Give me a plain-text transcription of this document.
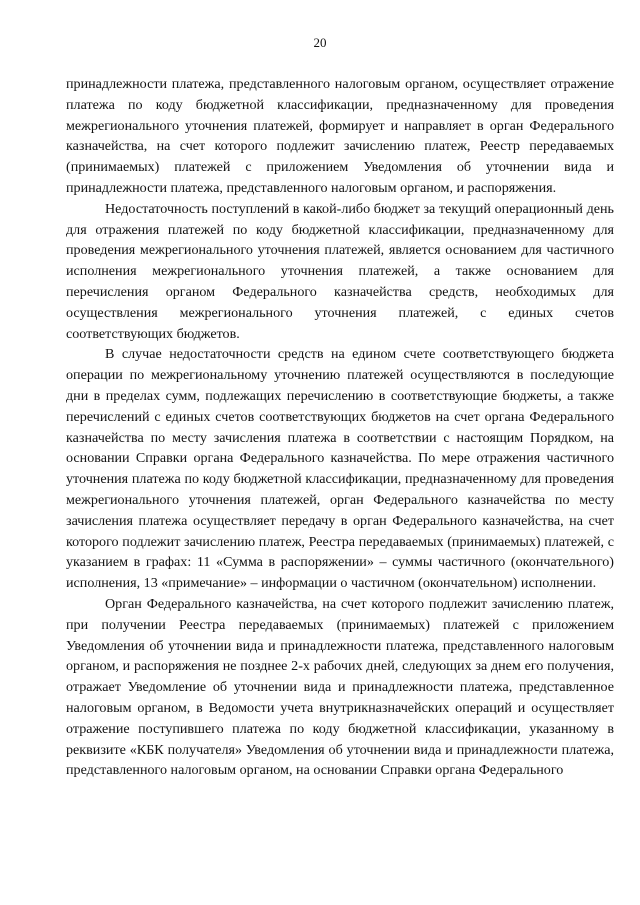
20

принадлежности платежа, представленного налоговым органом, осуществляет отражение платежа по коду бюджетной классификации, предназначенному для проведения межрегионального уточнения платежей, формирует и направляет в орган Федерального казначейства, на счет которого подлежит зачислению платеж, Реестр передаваемых (принимаемых) платежей с приложением Уведомления об уточнении вида и принадлежности платежа, представленного налоговым органом, и распоряжения.

Недостаточность поступлений в какой-либо бюджет за текущий операционный день для отражения платежей по коду бюджетной классификации, предназначенному для проведения межрегионального уточнения платежей, является основанием для частичного исполнения межрегионального уточнения платежей, а также основанием для перечисления органом Федерального казначейства средств, необходимых для осуществления межрегионального уточнения платежей, с единых счетов соответствующих бюджетов.

В случае недостаточности средств на едином счете соответствующего бюджета операции по межрегиональному уточнению платежей осуществляются в последующие дни в пределах сумм, подлежащих перечислению в соответствующие бюджеты, а также перечислений с единых счетов соответствующих бюджетов на счет органа Федерального казначейства по месту зачисления платежа в соответствии с настоящим Порядком, на основании Справки органа Федерального казначейства. По мере отражения частичного уточнения платежа по коду бюджетной классификации, предназначенному для проведения межрегионального уточнения платежей, орган Федерального казначейства по месту зачисления платежа осуществляет передачу в орган Федерального казначейства, на счет которого подлежит зачислению платеж, Реестра передаваемых (принимаемых) платежей, с указанием в графах: 11 «Сумма в распоряжении» – суммы частичного (окончательного) исполнения, 13 «примечание» – информации о частичном (окончательном) исполнении.

Орган Федерального казначейства, на счет которого подлежит зачислению платеж, при получении Реестра передаваемых (принимаемых) платежей с приложением Уведомления об уточнении вида и принадлежности платежа, представленного налоговым органом, и распоряжения не позднее 2-х рабочих дней, следующих за днем его получения, отражает Уведомление об уточнении вида и принадлежности платежа, представленное налоговым органом, в Ведомости учета внутрикназначейских операций и осуществляет отражение поступившего платежа по коду бюджетной классификации, указанному в реквизите «КБК получателя» Уведомления об уточнении вида и принадлежности платежа, представленного налоговым органом, на основании Справки органа Федерального
